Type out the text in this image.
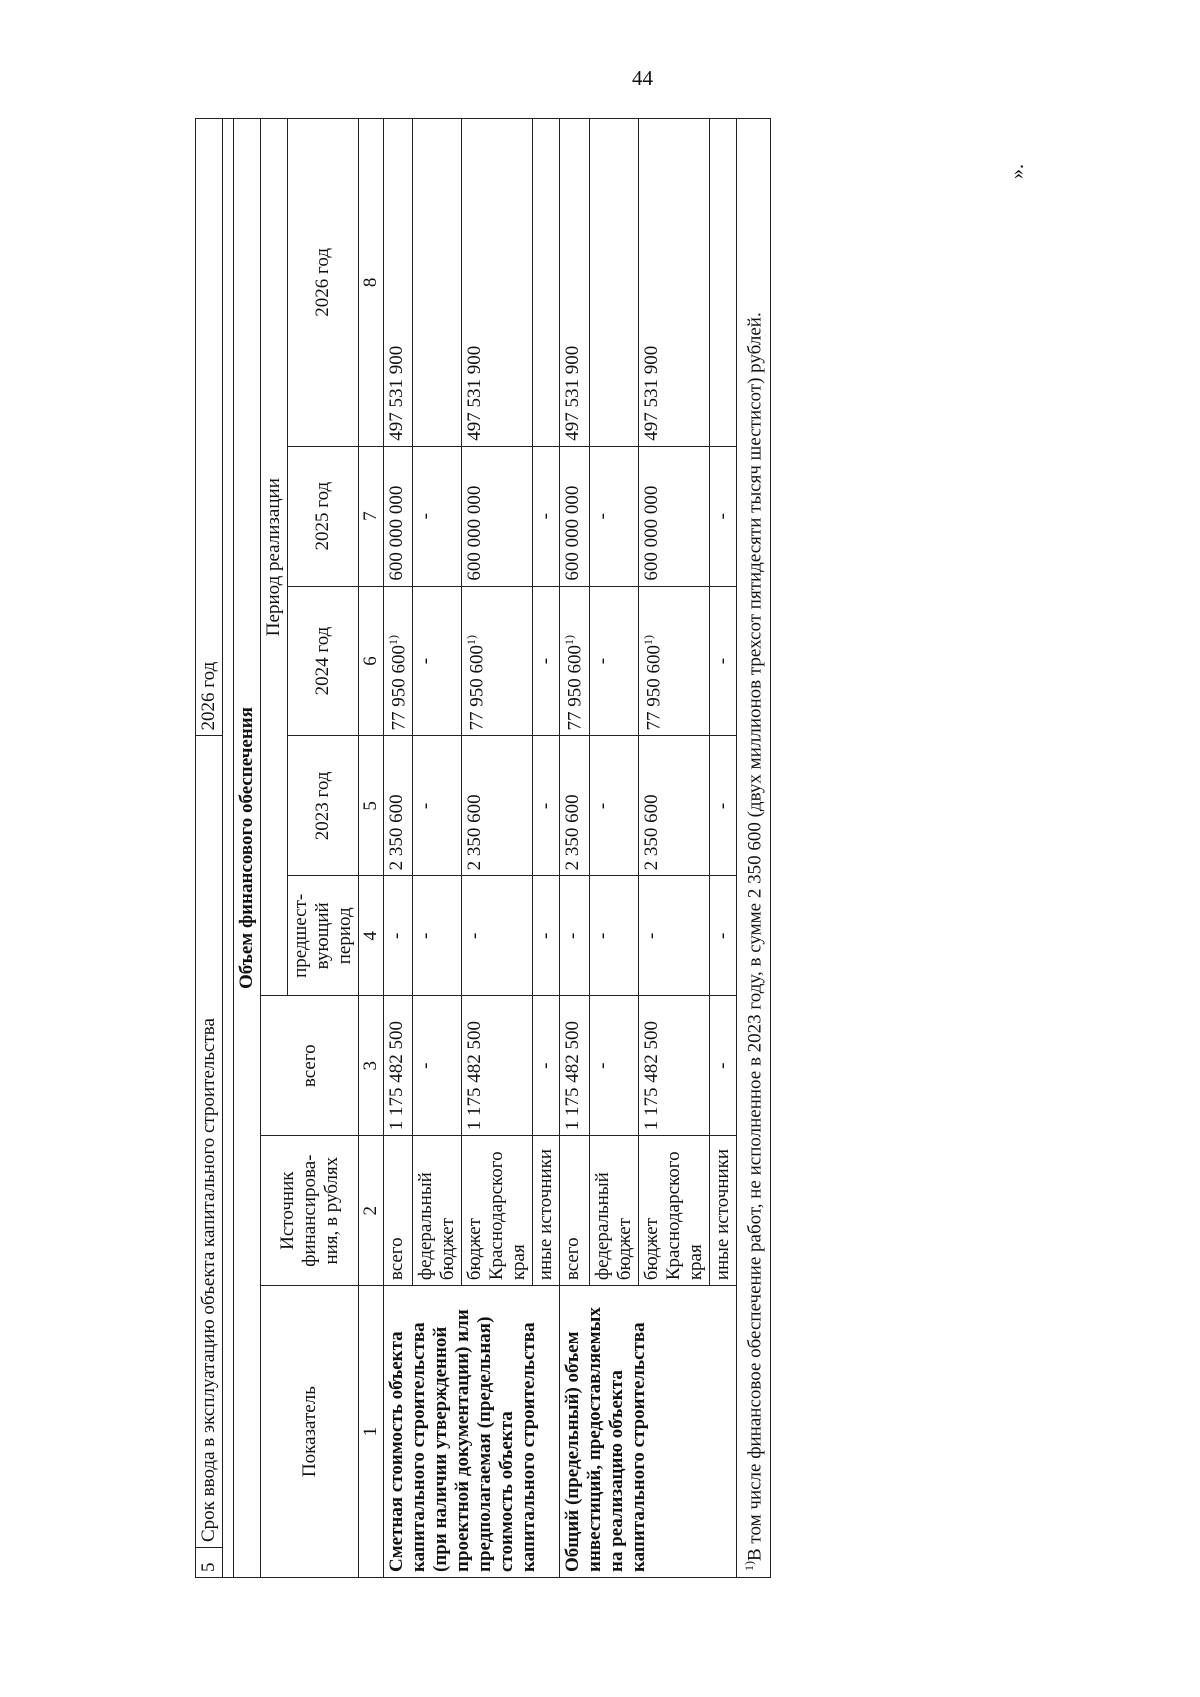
44
».
5	Срок ввода в эксплуатацию объекта капитального строительства					2026 год		

Объем финансового обеспечения								
Показатель		Источник финансирова-ния, в рублях	всего	Период реализации				
				предшест-вующий период	2023 год	2024 год	2025 год	2026 год
1		2	3	4	5	6	7	8
Сметная стоимость объекта капитального строительства (при наличии утвержденной проектной документации) или предполагаемая (предельная) стоимость объекта капитального строительства		всего	1 175 482 500	-	2 350 600	77 950 600$^{1)}$	600 000 000	497 531 900
		федеральный бюджет	-	-	-	-	-	
		бюджет Краснодарского края	1 175 482 500	-	2 350 600	77 950 600$^{1)}$	600 000 000	497 531 900
		иные источники	-	-	-	-	-	
Общий (предельный) объем инвестиций, предоставляемых на реализацию объекта капитального строительства		всего	1 175 482 500	-	2 350 600	77 950 600$^{1)}$	600 000 000	497 531 900
		федеральный бюджет	-	-	-	-	-	
		бюджет Краснодарского края	1 175 482 500	-	2 350 600	77 950 600$^{1)}$	600 000 000	497 531 900
		иные источники	-	-	-	-	-	
$^{1)}$В том числе финансовое обеспечение работ, не исполненное в 2023 году, в сумме 2 350 600 (двух миллионов трехсот пятидесяти тысяч шестисот) рублей.								
